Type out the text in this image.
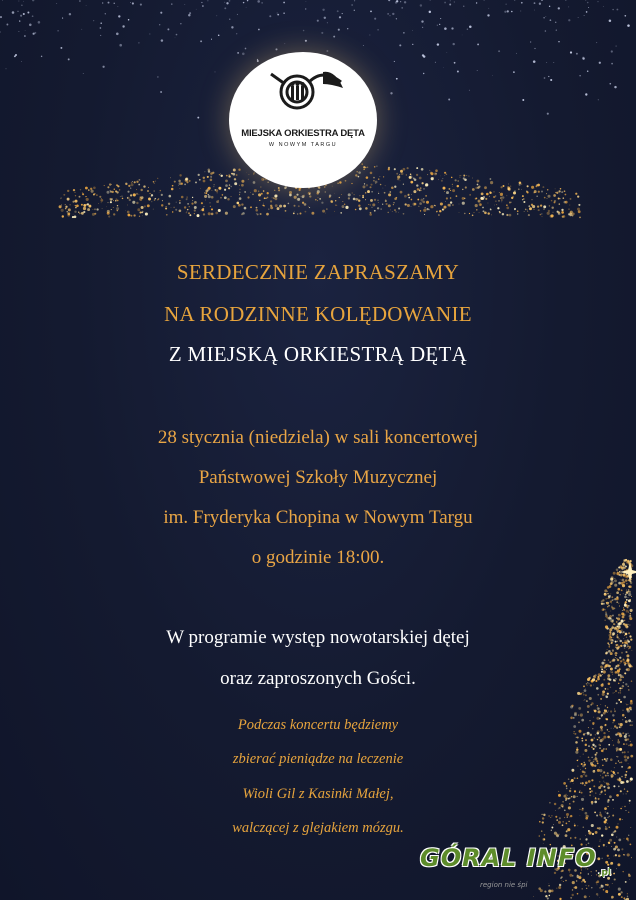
MIEJSKA ORKIESTRA DĘTA
W NOWYM TARGU
SERDECZNIE ZAPRASZAMY
NA RODZINNE KOLĘDOWANIE
Z MIEJSKĄ ORKIESTRĄ DĘTĄ
28 stycznia (niedziela) w sali koncertowej
Państwowej Szkoły Muzycznej
im. Fryderyka Chopina w Nowym Targu
o godzinie 18:00.
W programie występ nowotarskiej dętej
oraz zaproszonych Gości.
Podczas koncertu będziemy
zbierać pieniądze na leczenie
Wioli Gil z Kasinki Małej,
walczącej z glejakiem mózgu.
GÓRAL INFO
.pl
region nie śpi
